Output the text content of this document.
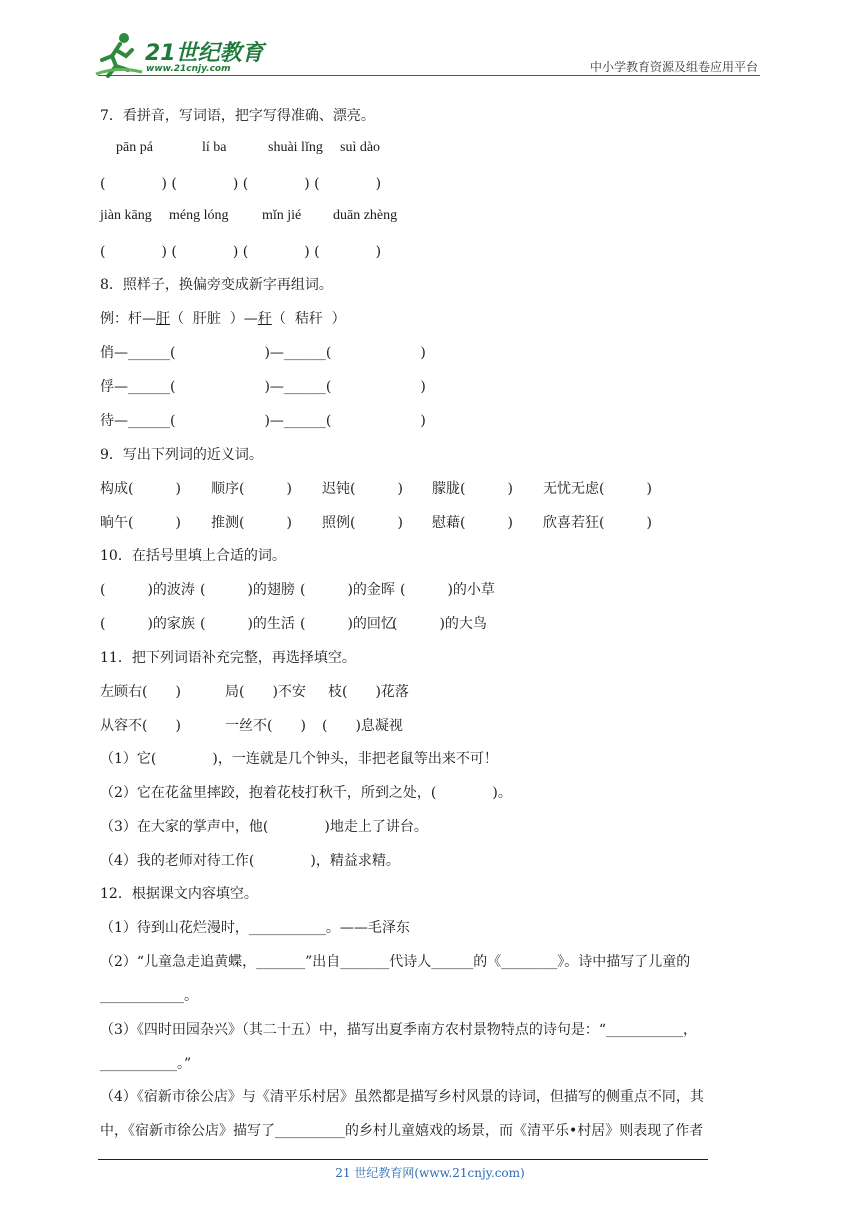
21世纪教育
www.21cnjy.com	中小学教育资源及组卷应用平台
7．看拼音，写词语，把字写得准确、漂亮。
pān pá	lí ba	shuài lǐng suì dào
(　　　　) (　　　　) (　　　　) (　　　　)
jiàn kāng méng lóng mǐn jié duān zhèng
(　　　　) (　　　　) (　　　　) (　　　　)
8．照样子，换偏旁变成新字再组词。
例：杆—肝（  肝脏  ）—秆（  秸秆  ）
俏—______(                    )—______(                    )
俘—______(                    )—______(                    )
待—______(                    )—______(                    )
9．写出下列词的近义词。
构成(　　　) 顺序(　　　) 迟钝(　　　) 朦胧(　　　) 无忧无虑(　　　)
晌午(　　　) 推测(　　　) 照例(　　　) 慰藉(　　　) 欣喜若狂(　　　)
10．在括号里填上合适的词。
(　　　)的波涛 (　　　)的翅膀 (　　　)的金晖 (　　　)的小草
(　　　)的家族 (　　　)的生活 (　　　)的回忆
(　　　)的大鸟
11．把下列词语补充完整，再选择填空。
左顾右(　　)	局(　　)不安 枝(　　)花落
从容不(　　)	一丝不(　　) (　　)息凝视
（1）它(　　　　)，一连就是几个钟头，非把老鼠等出来不可！
（2）它在花盆里摔跤，抱着花枝打秋千，所到之处，(　　　　)。
（3）在大家的掌声中，他(　　　　)地走上了讲台。
（4）我的老师对待工作(　　　　)，精益求精。
12．根据课文内容填空。
（1）待到山花烂漫时，___________。——毛泽东
（2）“儿童急走追黄蝶，_______”出自_______代诗人______的《________》。诗中描写了儿童的
____________。
（3）《四时田园杂兴》（其二十五）中，描写出夏季南方农村景物特点的诗句是：“___________，
___________。”
（4）《宿新市徐公店》与《清平乐村居》虽然都是描写乡村风景的诗词，但描写的侧重点不同，其
中，《宿新市徐公店》描写了__________的乡村儿童嬉戏的场景，而《清平乐•村居》则表现了作者
21 世纪教育网(www.21cnjy.com)
